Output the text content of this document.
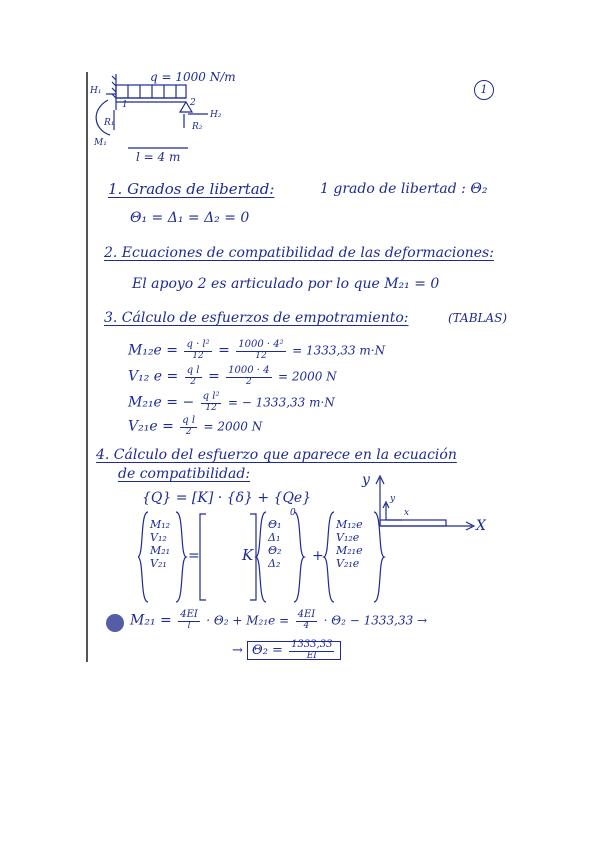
1
H₁
q = 1000 N/m
R₁
M₁
1	2
R₂
H₂
l = 4 m
1. Grados de libertad:	1 grado de libertad : Θ₂
Θ₁ = Δ₁ = Δ₂ = 0
2. Ecuaciones de compatibilidad de las deformaciones:
El apoyo 2 es articulado por lo que M₂₁ = 0
3. Cálculo de esfuerzos de empotramiento:	(TABLAS)
$M_{12}e = \frac{\text{q · l²}}{12} = \frac{\text{1000 · 4²}}{12} = 1333,33$ m·N
V₁₂ $e = \frac{\text{q l}}{2} = \frac{1000 \cdot 4}{2} = 2000$ N
M₂₁e = − $\frac{\text{q l²}}{12}$ = − 1333,33 m·N
$V_{21}e = \frac{\text{q l}}{2} = 2000$ N
4. Cálculo del esfuerzo que aparece en la ecuación
de compatibilidad:
{Q} = [K] · {δ} + {Qe}
M₁₂
V₁₂
M₂₁
V₂₁ =	K
Θ₁
Δ₁
Θ₂
Δ₂
0
+
M₁₂e
V₁₂e
M₂₁e
V₂₁e
y
X
y
x
$M_{21} = \frac{4EI}{l} \cdot \Theta_2 + M_{21}e = \frac{4EI}{4} \cdot \Theta_2 - 1333,33$ →
→ $\Theta_2 = \frac{1333,33}{EI}$
